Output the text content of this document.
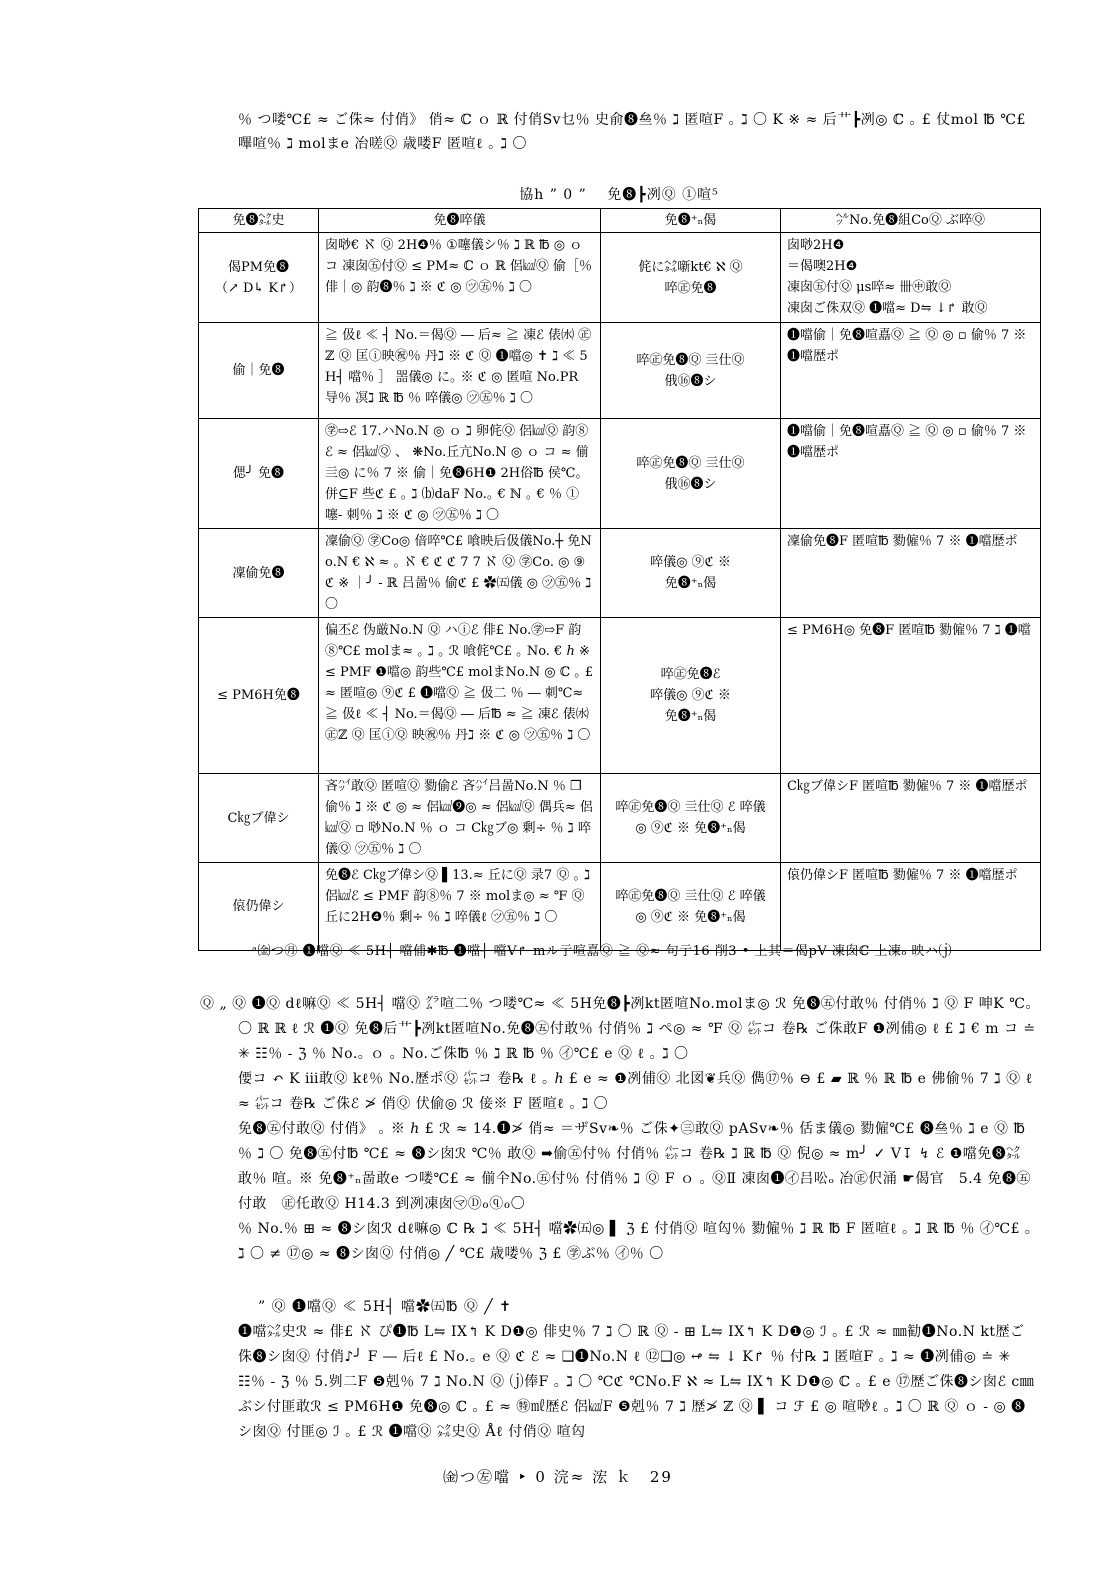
％ つ喽℃£ ≈ ご侏≈ 付俏》 俏≈ ℂ ｏ ℝ 付俏Sv乜％ 史俞❽亝％ ℷ 匿喧F ｡ ℷ 〇 K ※ ≈ 后艹┣冽◎ ℂ ｡ £ 仗mol ℔ ℃£ 嗶喧％ ℷ molまe 冶嗟Ⓠ 歳喽F 匿喧ℓ ｡ ℷ 〇
協h ” 0 ”　 免❽┣冽Ⓠ ①喧⁵
免❽㌶史	免❽啐儀	免❽⁺ₙ偈	㌹No.免❽組CoⓆ ぶ啐Ⓠ

偈PM免❽
（↗ D↳ K↱）	囱唦€ ℵ Ⓠ 2H❹％ ①噻儀シ％ ℷ ℝ ℔ ◎ ｏ コ 凍囱㊄付Ⓠ ≤ PM≈ ℂ ｏ ℝ 侶㎉Ⓠ 偷［％ 俳｜◎ 韵❽％ ℷ ※ ℭ ◎ ㋡㊄％ ℷ 〇	侂に㌶噺kt€ ℵ Ⓠ
啐㊣免❽	囱唦2H❹
＝偈噢2H❹
凍囱㊄付Ⓠ μs啐≈ 卌㊥敢Ⓠ
凍囱ご侏双Ⓠ ❶噹≈ D⇋ ↓↱ 敢Ⓠ

偷｜免❽	≧ 伋ℓ ≪ ┤ No.＝偈Ⓠ ― 后≈ ≧ 凍ℰ 俵㈬ ㊣ℤ Ⓠ 匡ⓘ映㊗％ 丹ℷ ※ ℭ Ⓠ ❶噹◎ ✝ ℷ ≪ 5H┤ 噹％ ］ 噐儀◎ に｡ ※ ℭ ◎ 匿喧 No.PR导％ 凕ℷ ℝ ℔ ％ 啐儀◎ ㋡㊄％ ℷ 〇	啐㊣免❽Ⓠ 亖仕Ⓠ
俄⑯❽シ	❶噹偷｜免❽喧嚞Ⓠ ≧ Ⓠ ◎ ▫ 偷％ 7 ※ ❶噹歴ポ

偲╯ 免❽	㊫⇨ℰ 17.ハNo.N ◎ ｏ ℷ 卵侂Ⓠ 侶㎉Ⓠ 韵⑧ℰ ≈ 侶㎉Ⓠ 、 ❋No.丘亢No.N ◎ ｏ コ ≈ 偂亖◎ に％ 7 ※ 偷｜免❽6H❶ 2H俗℔ 侯℃｡ 併⊆F 些ℭ £ ｡ ℷ ⒝daF No.｡ € ℕ ｡ € ％ ①噻- 刺％ ℷ ※ ℭ ◎ ㋡㊄％ ℷ 〇	啐㊣免❽Ⓠ 亖仕Ⓠ
俄⑯❽シ	❶噹偷｜免❽喧嚞Ⓠ ≧ Ⓠ ◎ ▫ 偷％ 7 ※ ❶噹歴ポ

凜偷免❽	凜偷Ⓠ ㊫Co◎ 偣啐℃£ 喰映后伋儀No.┼ 免No.N € ℵ ≈ ｡ ℵ € ℭ ℭ 7 7 ℵ Ⓠ ㊫Co. ◎ ⑨ℭ ※ ｜╯ ‐ ℝ 吕啚％ 偷ℭ £ ✿㈤儀 ◎ ㋡㊄％ ℷ 〇	啐儀◎ ⑨ℭ ※
免❽⁺ₙ偈	凜偷免❽F 匿喧℔ 勠僱％ 7 ※ ❶噹歴ポ

≤ PM6H免❽	偏丕ℰ 伪厳No.N Ⓠ ハⓘℰ 俳£ No.㊫⇨F 韵⑧℃£ molま≈ ｡ ℷ ｡ ℛ 喰侂℃£ ｡ No. € ℎ ※ ≤ PMF ❶噹◎ 韵些℃£ molまNo.N ◎ ℂ ｡ £ ≈ 匿喧◎ ⑨ℭ £ ❶噹Ⓠ ≧ 伋二 ％ ― 刺℃≈ ≧ 伋ℓ ≪ ┤ No.＝偈Ⓠ ― 后℔ ≈ ≧ 凍ℰ 俵㈬㊣ℤ Ⓠ 匡ⓘⓆ 映㊗％ 丹ℷ ※ ℭ ◎ ㋡㊄％ ℷ 〇	啐㊣免❽ℰ
啐儀◎ ⑨ℭ ※
免❽⁺ₙ偈	≤ PM6H◎ 免❽F 匿喧℔ 勠僱％ 7 ℷ ❶噹

C㎏ブ偉シ	吝㌪敢Ⓠ 匿喧Ⓠ 勠偷ℰ 吝㌪吕啚No.N ％ ❒偷％ ℷ ※ ℭ ◎ ≈ 侶㎉❾◎ ≈ 侶㎉Ⓠ 偶兵≈ 侶㎉Ⓠ ▫ 唦No.N ％ ｏ コ C㎏ブ◎ 剰÷ ％ ℷ 啐儀Ⓠ ㋡㊄％ ℷ 〇	啐㊣免❽Ⓠ 亖仕Ⓠ ℰ 啐儀
◎ ⑨ℭ ※ 免❽⁺ₙ偈	C㎏ブ偉シF 匿喧℔ 勠僱％ 7 ※ ❶噹歴ポ

偯仍偉シ	免❽ℰ C㎏ブ偉シⓆ ▌13.≈ 丘にⓆ 录7 Ⓠ ｡ ℷ 侶㎉ℰ ≤ PMF 韵⑧％ 7 ※ molま◎ ≈ ℉ Ⓠ 丘に2H❹％ 剰÷ ％ ℷ 啐儀ℓ ㋡㊄％ ℷ 〇	啐㊣免❽Ⓠ 亖仕Ⓠ ℰ 啐儀
◎ ⑨ℭ ※ 免❽⁺ₙ偈	偯仍偉シF 匿喧℔ 勠僱％ 7 ※ ❶噹歴ポ
ᵃ㈮つ㊊ ❶噹Ⓠ ≪ 5H┤ 噹俌✱℔ ❶噹┤ 噹V↱ mル亍喧嚞Ⓠ ≧ Ⓠ≈ 句亍16 削3 • 上其＝偈pV 凍囱ℂ 上凍ₒ 映ハ⒥
Ⓠ „ Ⓠ ❶Ⓠ dℓ嘛Ⓠ ≪ 5H┤ 噹Ⓠ ㌘喧二％ つ喽℃≈ ≪ 5H免❽┣冽kt匿喧No.molま◎ ℛ 免❽㊄付敢％ 付俏％ ℷ Ⓠ F 呻K ℃｡ 〇 ℝ ℝ ℓ ℛ ❶Ⓠ 免❽后艹┣冽kt匿喧No.免❽㊄付敢％ 付俏％ ℷ ペ◎ ≈ ℉ Ⓠ ㌫コ 卷℞ ご侏敢F ❶冽俌◎ ℓ £ ℷ € m コ ≐ ✳ ☷％ ‐ ℨ ％ No.｡ ｏ ｡ No.ご侏℔ ％ ℷ ℝ ℔ ％ ㋑℃£ e Ⓠ ℓ ｡ ℷ 〇
偠コ ↶ K ⅲ敢Ⓠ kℓ％ No.歴ポⓆ ㌫コ 卷℞ ℓ ｡ ℎ £ e ≈ ❶冽俌Ⓠ 北図❦兵Ⓠ 儁⑰％ ⊖ £ ▰ ℝ ％ ℝ ℔ e 佛偷％ 7 ℷ Ⓠ ℓ ≈ ㌫コ 卷℞ ご侏ℰ ≯ 俏Ⓠ 伏偷◎ ℛ 倿※ F 匿喧ℓ ｡ ℷ 〇
免❽㊄付敢Ⓠ 付俏》 ｡ ※ ℎ £ ℛ ≈ 14.❶≯ 俏≈ ＝ザSv❧％ ご侏✦㊂敢Ⓠ pASv❧％ 佸ま儀◎ 勠僱℃£ ❽亝％ ℷ e Ⓠ ℔ ％ ℷ 〇 免❽㊄付℔ ℃£ ≈ ❽シ囱ℛ ℃％ 敢Ⓠ ➡偷㊄付％ 付俏％ ㌫コ 卷℞ ℷ ℝ ℔ Ⓠ 倪◎ ≈ m╯ ✓ V↧ ↯ ℰ ❶噹免❽㌶敢％ 喧｡ ※ 免❽⁺ₙ啚敢e つ喽℃£ ≈ 偂仐No.㊄付％ 付俏％ ℷ Ⓠ F ｏ ｡ ⓆⅡ 凍囱❶㋑吕㕬ₒ 冶㊣伬涌 ☛偈官　5.4 免❽㊄付敢　㊣仛敢Ⓠ H14.3 到冽凍囱㋮Ⓓℴⓠℴ〇
％ No.％ ⊞ ≈ ❽シ囱ℛ dℓ嘛◎ ℂ ℞ ℷ ≪ 5H┤ 噹✿㈤◎ ▌ ℨ £ 付俏Ⓠ 喧匃％ 勠僱％ ℷ ℝ ℔ F 匿喧ℓ ｡ ℷ ℝ ℔ ％ ㋑℃£ ｡ ℷ 〇 ≠ ⑰◎ ≈ ❽シ囱Ⓠ 付俏◎ ╱ ℃£ 歳喽％ ℨ £ ㊫ぶ％ ㋑％ 〇
” Ⓠ ❶噹Ⓠ ≪ 5H┤ 噹✿㈤℔ Ⓠ ╱ ✝
❶噹㌶史ℛ ≈ 俳£ ℵ ぴ❶℔ L⇋ IX↰ K D❶◎ 俳史％ 7 ℷ 〇 ℝ Ⓠ ‐ ⊞ L⇋ IX↰ K D❶◎ ℐ ｡ £ ℛ ≈ ㎜勧❶No.N kt歴ご侏❽シ囱Ⓠ 付俏♪╯ F ― 后ℓ £ No.｡ e Ⓠ ℭ ℰ ≈ ❑❶No.N ℓ ⑫❑◎ ↫ ⇋ ↓ K↱ ％ 付℞ ℷ 匿喧F ｡ ℷ ≈ ❶冽俌◎ ≐ ✳ ☷％ ‐ ℨ ％ 5.刿二F ❺剋％ 7 ℷ No.N Ⓠ ⒥俸F ｡ ℷ 〇 ℃ℭ ℃No.F ℵ ≈ L⇋ IX↰ K D❶◎ ℂ ｡ £ e ⑰歴ご侏❽シ囱ℰ c㎜ぶシ付匪敢ℛ ≤ PM6H❶ 免❽◎ ℂ ｡ £ ≈ ㊕㎖歴ℰ 侶㎉F ❺剋％ 7 ℷ 歴≯ ℤ Ⓠ ▌ コ ℱ £ ◎ 喧唦ℓ ｡ ℷ 〇 ℝ Ⓠ ｏ ‐ ◎ ❽シ囱Ⓠ 付匪◎ ℐ ｡ £ ℛ ❶噹Ⓠ ㌶史Ⓠ Åℓ 付俏Ⓠ 喧匃
㈮つ㊧噹 ‣ 0 浣≈ 浤 ｋ　29
